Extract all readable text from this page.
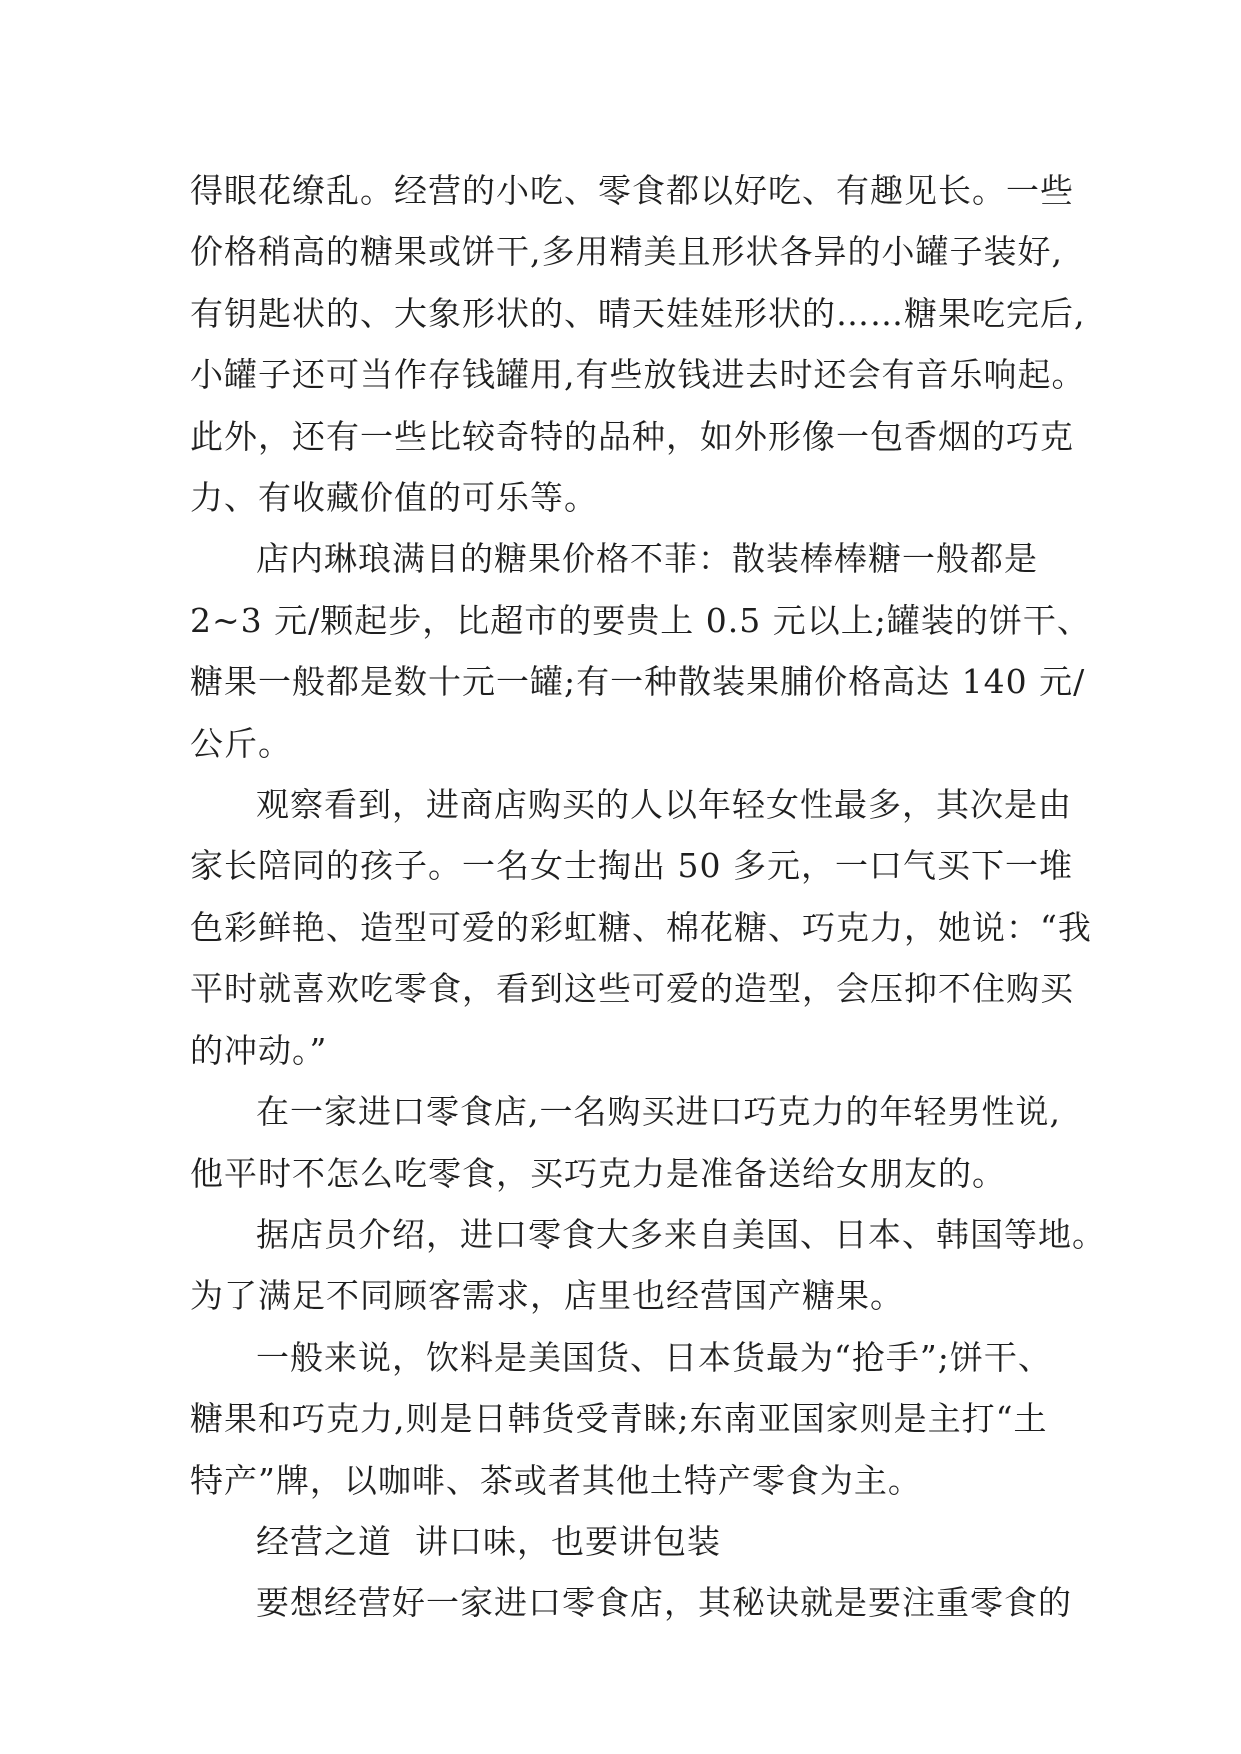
得眼花缭乱。经营的小吃、零食都以好吃、有趣见长。一些
价格稍高的糖果或饼干,多用精美且形状各异的小罐子装好,
有钥匙状的、大象形状的、晴天娃娃形状的……糖果吃完后,
小罐子还可当作存钱罐用,有些放钱进去时还会有音乐响起。
此外，还有一些比较奇特的品种，如外形像一包香烟的巧克
力、有收藏价值的可乐等。
店内琳琅满目的糖果价格不菲：散装棒棒糖一般都是
2~3 元/颗起步，比超市的要贵上 0.5 元以上;罐装的饼干、
糖果一般都是数十元一罐;有一种散装果脯价格高达 140 元/
公斤。
观察看到，进商店购买的人以年轻女性最多，其次是由
家长陪同的孩子。一名女士掏出 50 多元，一口气买下一堆
色彩鲜艳、造型可爱的彩虹糖、棉花糖、巧克力，她说：“我
平时就喜欢吃零食，看到这些可爱的造型，会压抑不住购买
的冲动。”
在一家进口零食店,一名购买进口巧克力的年轻男性说,
他平时不怎么吃零食，买巧克力是准备送给女朋友的。
据店员介绍，进口零食大多来自美国、日本、韩国等地。
为了满足不同顾客需求，店里也经营国产糖果。
一般来说，饮料是美国货、日本货最为“抢手”;饼干、
糖果和巧克力,则是日韩货受青睐;东南亚国家则是主打“土
特产”牌，以咖啡、茶或者其他土特产零食为主。
经营之道  讲口味，也要讲包装
要想经营好一家进口零食店，其秘诀就是要注重零食的
